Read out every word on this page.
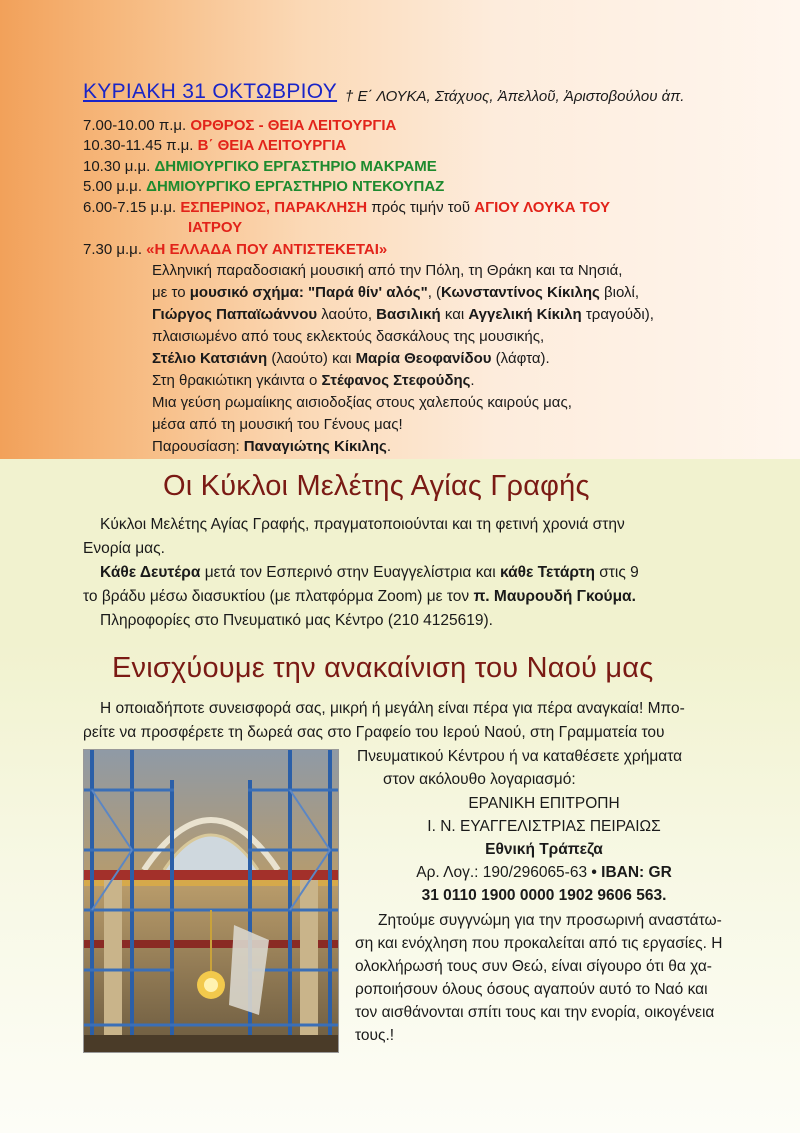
ΚΥΡΙΑΚΗ 31 ΟΚΤΩΒΡΙΟΥ † Ε΄ ΛΟΥΚΑ, Στάχυος, Ἀπελλοῦ, Ἀριστοβούλου ἀπ.
7.00-10.00 π.μ. ΟΡΘΡΟΣ - ΘΕΙΑ ΛΕΙΤΟΥΡΓΙΑ
10.30-11.45 π.μ. Β΄ ΘΕΙΑ ΛΕΙΤΟΥΡΓΙΑ
10.30 μ.μ. ΔΗΜΙΟΥΡΓΙΚΟ ΕΡΓΑΣΤΗΡΙΟ ΜΑΚΡΑΜΕ
5.00 μ.μ. ΔΗΜΙΟΥΡΓΙΚΟ ΕΡΓΑΣΤΗΡΙΟ ΝΤΕΚΟΥΠΑΖ
6.00-7.15 μ.μ. ΕΣΠΕΡΙΝΟΣ, ΠΑΡΑΚΛΗΣΗ πρός τιμήν τοῦ ΑΓΙΟΥ ΛΟΥΚΑ ΤΟΥ
ΙΑΤΡΟΥ
7.30 μ.μ. «Η ΕΛΛΑΔΑ ΠΟΥ ΑΝΤΙΣΤΕΚΕΤΑΙ»
Ελληνική παραδοσιακή μουσική από την Πόλη, τη Θράκη και τα Νησιά,
με το μουσικό σχήμα: "Παρά θίν' αλός", (Κωνσταντίνος Κίκιλης βιολί,
Γιώργος Παπαϊωάννου λαούτο, Βασιλική και Αγγελική Κίκιλη τραγούδι),
πλαισιωμένο από τους εκλεκτούς δασκάλους της μουσικής,
Στέλιο Κατσιάνη (λαούτο) και Μαρία Θεοφανίδου (λάφτα).
Στη θρακιώτικη γκάιντα ο Στέφανος Στεφούδης.
Μια γεύση ρωμαίικης αισιοδοξίας στους χαλεπούς καιρούς μας,
μέσα από τη μουσική του Γένους μας!
Παρουσίαση: Παναγιώτης Κίκιλης.
Οι Κύκλοι Μελέτης Αγίας Γραφής
Κύκλοι Μελέτης Αγίας Γραφής, πραγματοποιούνται και τη φετινή χρονιά στην
Ενορία μας.
Κάθε Δευτέρα μετά τον Εσπερινό στην Ευαγγελίστρια και κάθε Τετάρτη στις 9
το βράδυ μέσω διασυκτίου (με πλατφόρμα Zoom) με τον π. Μαυρουδή Γκούμα.
Πληροφορίες στο Πνευματικό μας Κέντρο (210 4125619).
Ενισχύουμε την ανακαίνιση του Ναού μας
Η οποιαδήποτε συνεισφορά σας, μικρή ή μεγάλη είναι πέρα για πέρα αναγκαία! Μπο-
ρείτε να προσφέρετε τη δωρεά σας στο Γραφείο του Ιερού Ναού, στη Γραμματεία του
Πνευματικού Κέντρου ή να καταθέσετε χρήματα
στον ακόλουθο λογαριασμό:
ΕΡΑΝΙΚΗ ΕΠΙΤΡΟΠΗ
Ι. Ν. ΕΥΑΓΓΕΛΙΣΤΡΙΑΣ ΠΕΙΡΑΙΩΣ
Εθνική Τράπεζα
Αρ. Λογ.: 190/296065-63 • IBAN: GR
31 0110 1900 0000 1902 9606 563.
Ζητούμε συγγνώμη για την προσωρινή αναστάτω-
ση και ενόχληση που προκαλείται από τις εργασίες. Η
ολοκλήρωσή τους συν Θεώ, είναι σίγουρο ότι θα χα-
ροποιήσουν όλους όσους αγαπούν αυτό το Ναό και
τον αισθάνονται σπίτι τους και την ενορία, οικογένεια
τους.!
